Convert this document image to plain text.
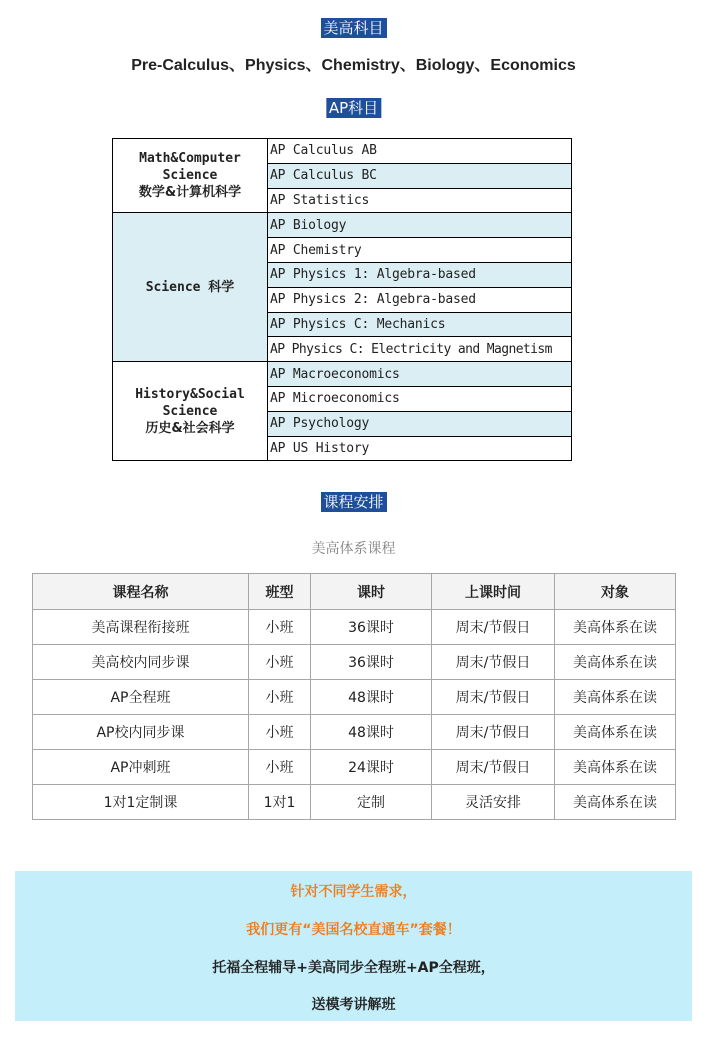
美高科目
Pre-Calculus、Physics、Chemistry、Biology、Economics
AP科目
Math&Computer
Science
数学&计算机科学	AP Calculus AB
	AP Calculus BC
	AP Statistics

Science 科学	AP Biology
	AP Chemistry
	AP Physics 1: Algebra-based
	AP Physics 2: Algebra-based
	AP Physics C: Mechanics
	AP Physics C: Electricity and Magnetism

History&Social
Science
历史&社会科学	AP Macroeconomics
	AP Microeconomics
	AP Psychology
	AP US History
课程安排
美高体系课程
课程名称	班型	课时	上课时间	对象
美高课程衔接班	小班	36课时	周末/节假日	美高体系在读
美高校内同步课	小班	36课时	周末/节假日	美高体系在读
AP全程班	小班	48课时	周末/节假日	美高体系在读
AP校内同步课	小班	48课时	周末/节假日	美高体系在读
AP冲刺班	小班	24课时	周末/节假日	美高体系在读
1对1定制课	1对1	定制	灵活安排	美高体系在读
针对不同学生需求，
我们更有“美国名校直通车”套餐！
托福全程辅导+美高同步全程班+AP全程班，
送模考讲解班
